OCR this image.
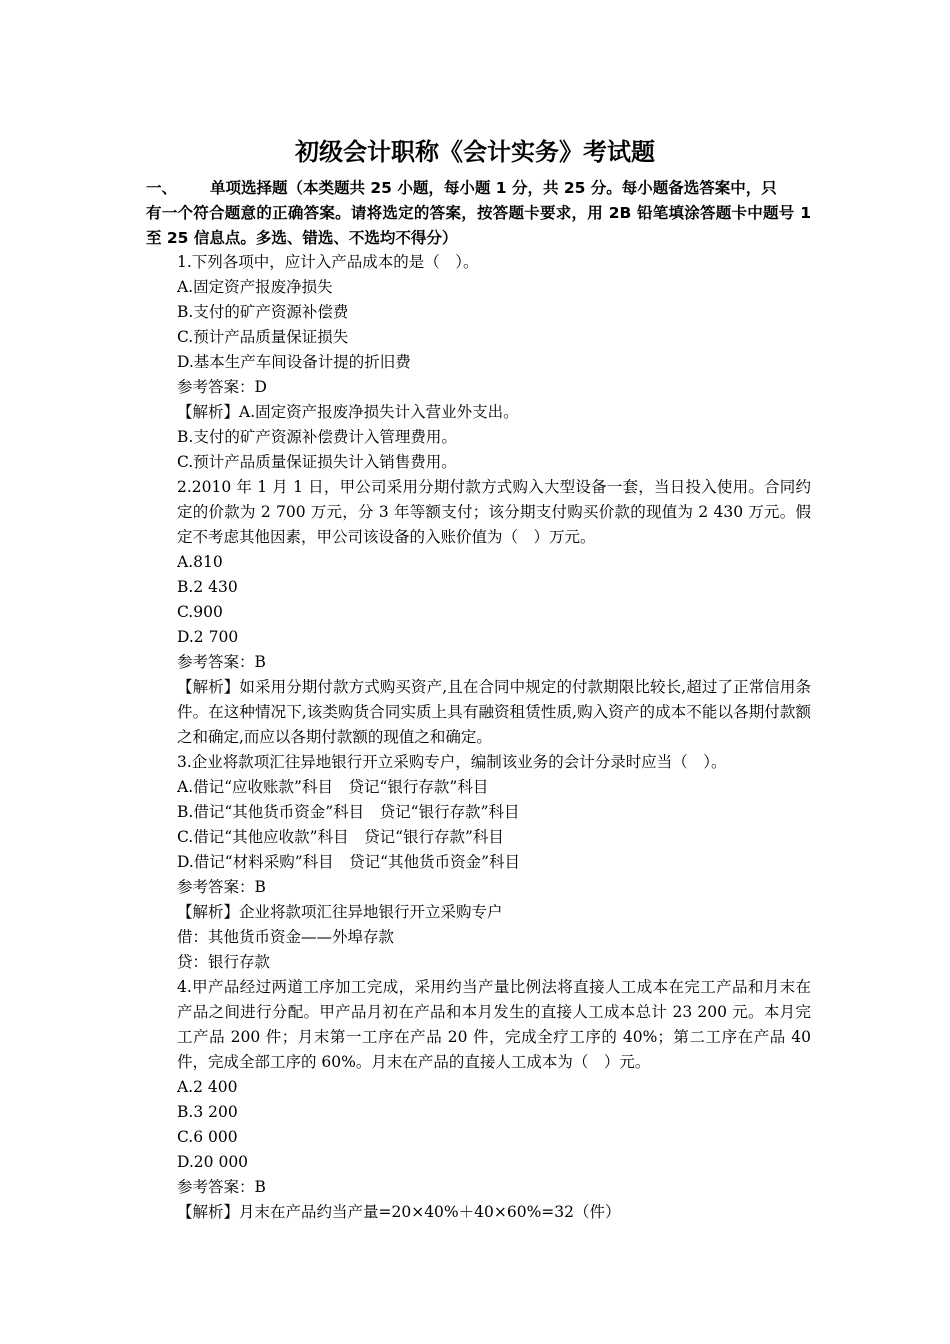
初级会计职称《会计实务》考试题
一、	单项选择题（本类题共 25 小题，每小题 1 分，共 25 分。每小题备选答案中，只
有一个符合题意的正确答案。请将选定的答案，按答题卡要求，用 2B 铅笔填涂答题卡中题号 1 至 25 信息点。多选、错选、不选均不得分）
1.下列各项中，应计入产品成本的是（　）。
A.固定资产报废净损失
B.支付的矿产资源补偿费
C.预计产品质量保证损失
D.基本生产车间设备计提的折旧费
参考答案：D
【解析】A.固定资产报废净损失计入营业外支出。
B.支付的矿产资源补偿费计入管理费用。
C.预计产品质量保证损失计入销售费用。
2.2010 年 1 月 1 日，甲公司采用分期付款方式购入大型设备一套，当日投入使用。合同约定的价款为 2 700 万元，分 3 年等额支付；该分期支付购买价款的现值为 2 430 万元。假定不考虑其他因素，甲公司该设备的入账价值为（　）万元。
A.810
B.2 430
C.900
D.2 700
参考答案：B
【解析】如采用分期付款方式购买资产,且在合同中规定的付款期限比较长,超过了正常信用条件。在这种情况下,该类购货合同实质上具有融资租赁性质,购入资产的成本不能以各期付款额之和确定,而应以各期付款额的现值之和确定。
3.企业将款项汇往异地银行开立采购专户，编制该业务的会计分录时应当（　）。
A.借记“应收账款”科目　贷记“银行存款”科目
B.借记“其他货币资金”科目　贷记“银行存款”科目
C.借记“其他应收款”科目　贷记“银行存款”科目
D.借记“材料采购”科目　贷记“其他货币资金”科目
参考答案：B
【解析】企业将款项汇往异地银行开立采购专户
借：其他货币资金——外埠存款
贷：银行存款
4.甲产品经过两道工序加工完成，采用约当产量比例法将直接人工成本在完工产品和月末在产品之间进行分配。甲产品月初在产品和本月发生的直接人工成本总计 23 200 元。本月完工产品 200 件；月末第一工序在产品 20 件，完成全疗工序的 40%；第二工序在产品 40 件，完成全部工序的 60%。月末在产品的直接人工成本为（　）元。
A.2 400
B.3 200
C.6 000
D.20 000
参考答案：B
【解析】月末在产品约当产量=20×40%＋40×60%=32（件）
